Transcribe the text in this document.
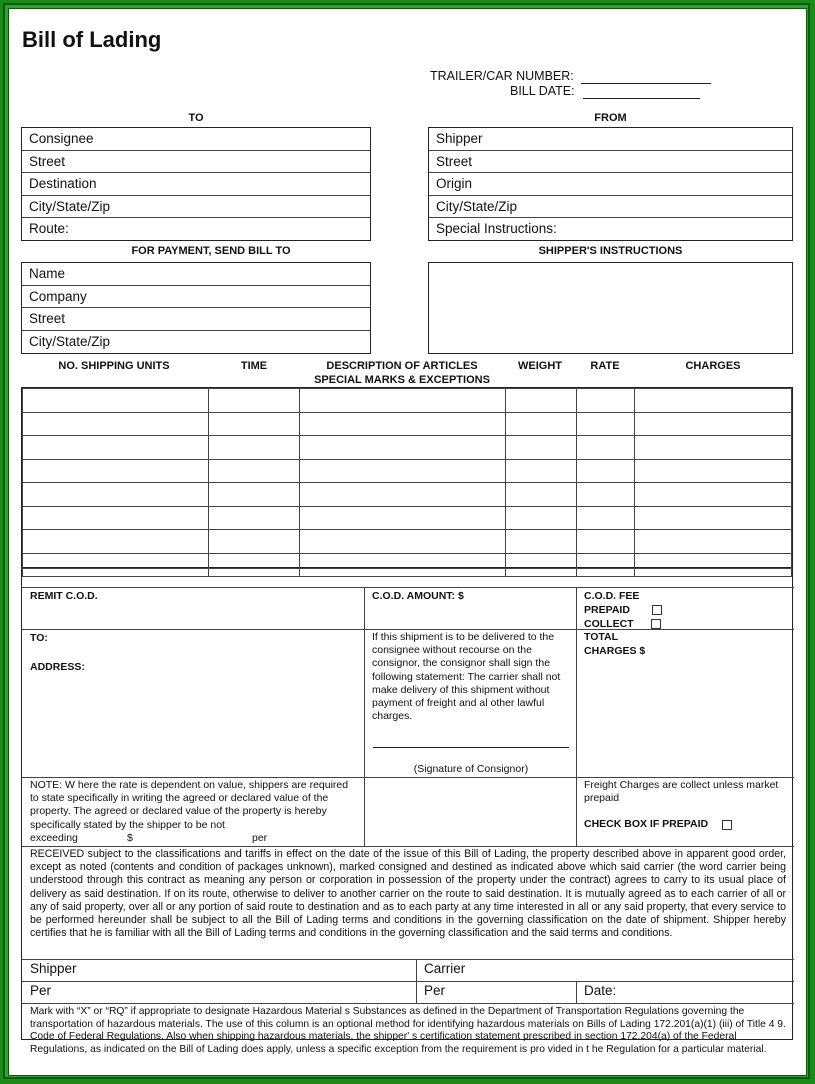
Bill of Lading
TRAILER/CAR NUMBER:
BILL DATE:
TO	FROM
Consignee
Street
Destination
City/State/Zip
Route:
Shipper
Street
Origin
City/State/Zip
Special Instructions:
FOR PAYMENT, SEND BILL TO	SHIPPER'S INSTRUCTIONS
Name
Company
Street
City/State/Zip
NO. SHIPPING UNITS	TIME	DESCRIPTION OF ARTICLES
SPECIAL MARKS & EXCEPTIONS
WEIGHT	RATE	CHARGES

REMIT C.O.D.	C.O.D. AMOUNT: $	C.O.D. FEE
PREPAID
COLLECT
TO:
ADDRESS:
If this shipment is to be delivered to the consignee without recourse on the consignor, the consignor shall sign the following statement: The carrier shall not make delivery of this shipment without payment of freight and al other lawful charges.
(Signature of Consignor)
TOTAL
CHARGES $
NOTE: W here the rate is dependent on value, shippers are required to state specifically in writing the agreed or declared value of the property. The agreed or declared value of the property is hereby specifically stated by the shipper to be not
exceeding	$	per
Freight Charges are collect unless market prepaid
CHECK BOX IF PREPAID
RECEIVED subject to the classifications and tariffs in effect on the date of the issue of this Bill of Lading, the property described above in apparent good order, except as noted (contents and condition of packages unknown), marked consigned and destined as indicated above which said carrier (the word carrier being understood through this contract as meaning any person or corporation in possession of the property under the contract) agrees to carry to its usual place of delivery as said destination. If on its route, otherwise to deliver to another carrier on the route to said destination. It is mutually agreed as to each carrier of all or any of said property, over all or any portion of said route to destination and as to each party at any time interested in all or any said property, that every service to be performed hereunder shall be subject to all the Bill of Lading terms and conditions in the governing classification on the date of shipment. Shipper hereby certifies that he is familiar with all the Bill of Lading terms and conditions in the governing classification and the said terms and conditions.
Shipper	Carrier
Per	Per	Date:
Mark with “X” or “RQ” if appropriate to designate Hazardous Material s Substances as defined in the Department of Transportation Regulations governing the transportation of hazardous materials. The use of this column is an optional method for identifying hazardous materials on Bills of Lading 172.201(a)(1) (iii) of Title 4 9. Code of Federal Regulations. Also when shipping hazardous materials, the shipper' s certification statement prescribed in section 172.204(a) of the Federal Regulations, as indicated on the Bill of Lading does apply, unless a specific exception from the requirement is pro vided in t he Regulation for a particular material.
